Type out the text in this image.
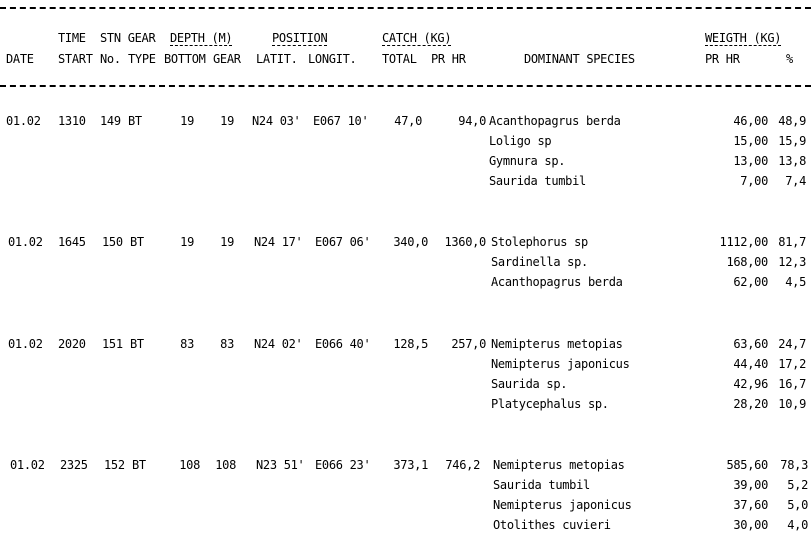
TIME STN GEAR DEPTH (M)	POSITION	CATCH (KG)	WEIGTH (KG)
DATE START No. TYPE BOTTOM GEAR LATIT. LONGIT. TOTAL PR HR	DOMINANT SPECIES	PR HR	%
01.02 1310 149 BT	19	19 N24 03' E067 10'	47,0	94,0 Acanthopagrus berda	46,00 48,9
Loligo sp	15,00 15,9
Gymnura sp.	13,00 13,8
Saurida tumbil	7,00	7,4
01.02 1645 150 BT	19	19 N24 17' E067 06'	340,0	1360,0 Stolephorus sp	1112,00 81,7
Sardinella sp.	168,00 12,3
Acanthopagrus berda	62,00	4,5
01.02 2020 151 BT	83	83 N24 02' E066 40'	128,5	257,0 Nemipterus metopias	63,60 24,7
Nemipterus japonicus	44,40 17,2
Saurida sp.	42,96 16,7
Platycephalus sp.	28,20 10,9
01.02 2325 152 BT	108	108 N23 51' E066 23'	373,1	746,2 Nemipterus metopias	585,60	78,3
Saurida tumbil	39,00	5,2
Nemipterus japonicus	37,60	5,0
Otolithes cuvieri	30,00	4,0
